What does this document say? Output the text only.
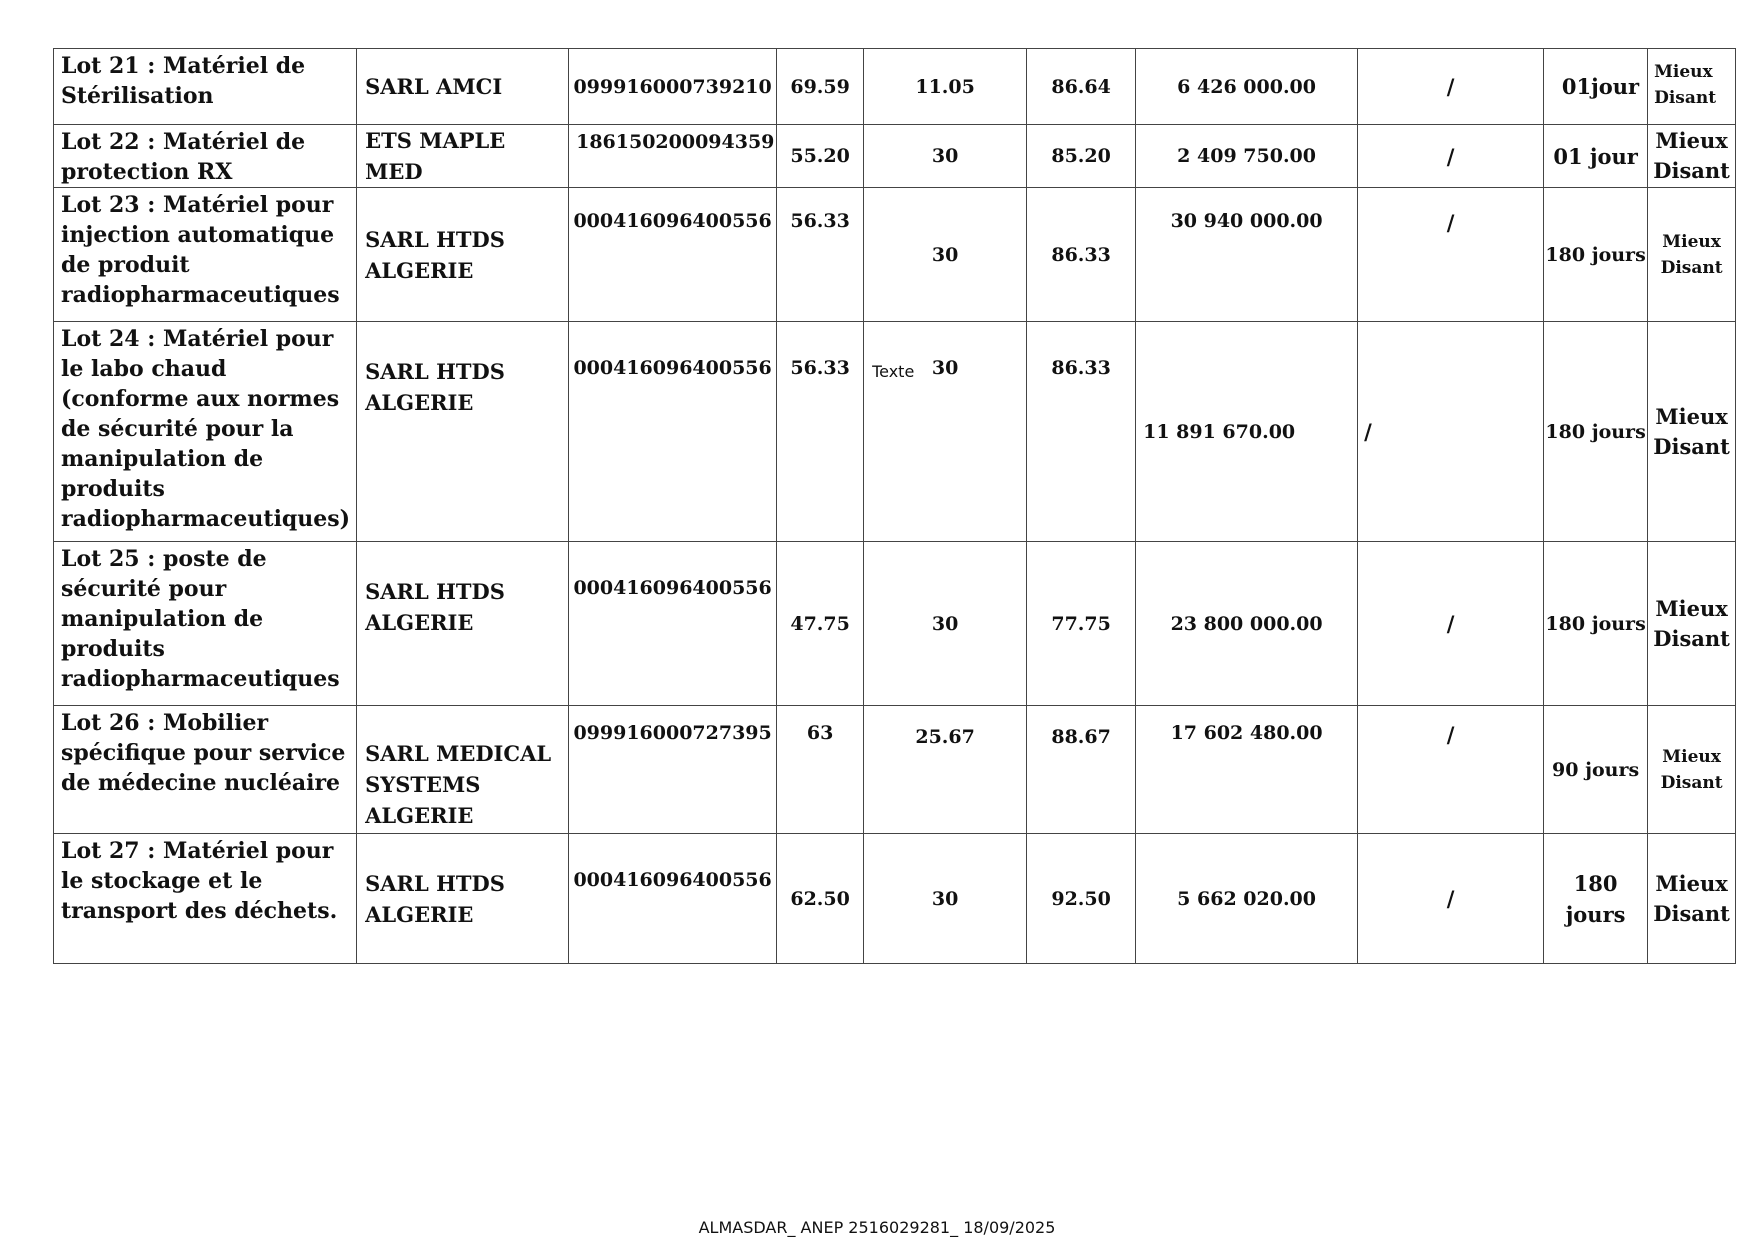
Lot 21 : Matériel de Stérilisation	SARL AMCI	099916000739210	69.59	11.05	86.64	6 426 000.00	/	01jour	Mieux Disant
Lot 22 : Matériel de protection RX	ETS MAPLE MED	186150200094359	55.20	30	85.20	2 409 750.00	/	01 jour	Mieux Disant
Lot 23 : Matériel pour injection automatique de produit radiopharmaceutiques	SARL HTDS ALGERIE	000416096400556	56.33	30	86.33	30 940 000.00	/	180 jours	Mieux Disant
Lot 24 : Matériel pour le labo chaud (conforme aux normes de sécurité pour la manipulation de produits radiopharmaceutiques)	SARL HTDS ALGERIE	000416096400556	56.33	Texte 30	86.33	11 891 670.00	/	180 jours	Mieux Disant
Lot 25 : poste de sécurité pour manipulation de produits radiopharmaceutiques	SARL HTDS ALGERIE	000416096400556	47.75	30	77.75	23 800 000.00	/	180 jours	Mieux Disant
Lot 26 : Mobilier spécifique pour service de médecine nucléaire	SARL MEDICAL SYSTEMS ALGERIE	099916000727395	63	25.67	88.67	17 602 480.00	/	90 jours	Mieux Disant
Lot 27 : Matériel pour le stockage et le transport des déchets.	SARL HTDS ALGERIE	000416096400556	62.50	30	92.50	5 662 020.00	/	180 jours	Mieux Disant
ALMASDAR_ ANEP 2516029281_ 18/09/2025
